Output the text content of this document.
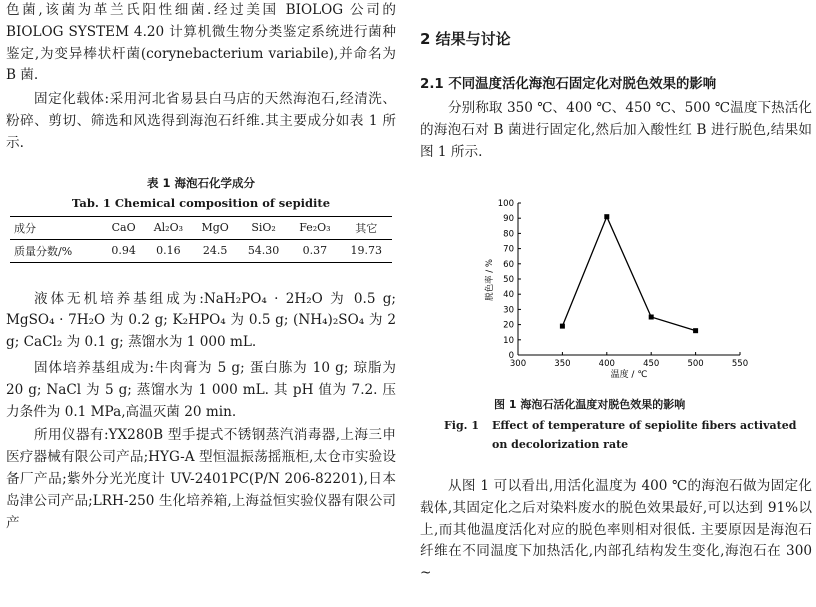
色菌,该菌为革兰氏阳性细菌.经过美国 BIOLOG 公司的 BIOLOG SYSTEM 4.20 计算机微生物分类鉴定系统进行菌种鉴定,为变异棒状杆菌(corynebacterium variabile),并命名为 B 菌.

固定化载体:采用河北省易县白马店的天然海泡石,经清洗、粉碎、剪切、筛选和风选得到海泡石纤维.其主要成分如表 1 所示.

表 1 海泡石化学成分

Tab. 1 Chemical composition of sepidite

成分	CaO	Al₂O₃	MgO	SiO₂	Fe₂O₃	其它
质量分数/%	0.94	0.16	24.5	54.30	0.37	19.73

液体无机培养基组成为:NaH₂PO₄ · 2H₂O 为 0.5 g; MgSO₄ · 7H₂O 为 0.2 g; K₂HPO₄ 为 0.5 g; (NH₄)₂SO₄ 为 2 g; CaCl₂ 为 0.1 g; 蒸馏水为 1 000 mL.

固体培养基组成为:牛肉膏为 5 g; 蛋白胨为 10 g; 琼脂为 20 g; NaCl 为 5 g; 蒸馏水为 1 000 mL. 其 pH 值为 7.2. 压力条件为 0.1 MPa,高温灭菌 20 min.

所用仪器有:YX280B 型手提式不锈钢蒸汽消毒器,上海三申医疗器械有限公司产品;HYG-A 型恒温振荡摇瓶柜,太仓市实验设备厂产品;紫外分光光度计 UV-2401PC(P/N 206-82201),日本岛津公司产品;LRH-250 生化培养箱,上海益恒实验仪器有限公司产

2 结果与讨论

2.1 不同温度活化海泡石固定化对脱色效果的影响

分别称取 350 ℃、400 ℃、450 ℃、500 ℃温度下热活化的海泡石对 B 菌进行固定化,然后加入酸性红 B 进行脱色,结果如图 1 所示.

300	350	400	450	500	550
0
10
20
30
40
50
60
70
80
90
100
脱色率 / %
温度 / ℃

图 1 海泡石活化温度对脱色效果的影响

Fig. 1	Effect of temperature of sepiolite fibers activated

on decolorization rate

从图 1 可以看出,用活化温度为 400 ℃的海泡石做为固定化载体,其固定化之后对染料废水的脱色效果最好,可以达到 91%以上,而其他温度活化对应的脱色率则相对很低. 主要原因是海泡石纤维在不同温度下加热活化,内部孔结构发生变化,海泡石在 300 ~
